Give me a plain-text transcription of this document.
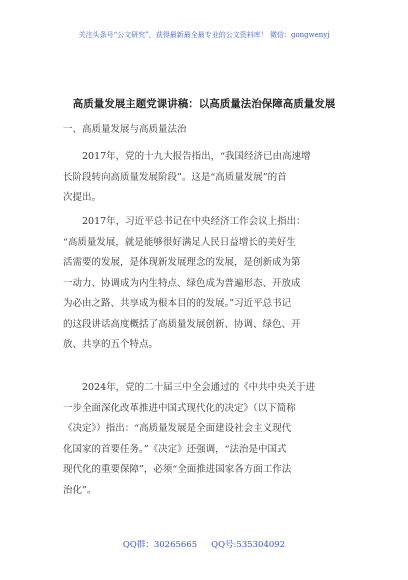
关注头条号“公文研究”，获得最新最全最专业的公文资料库！ 微信：gongwenyj
高质量发展主题党课讲稿：以高质量法治保障高质量发展
一、高质量发展与高质量法治
　　2017年，党的十九大报告指出，“我国经济已由高速增
长阶段转向高质量发展阶段”。这是“高质量发展”的首
次提出。
　　2017年，习近平总书记在中央经济工作会议上指出：
“高质量发展，就是能够很好满足人民日益增长的美好生
活需要的发展，是体现新发展理念的发展，是创新成为第
一动力、协调成为内生特点、绿色成为普遍形态、开放成
为必由之路、共享成为根本目的的发展。”习近平总书记
的这段讲话高度概括了高质量发展创新、协调、绿色、开
放、共享的五个特点。
　　2024年，党的二十届三中全会通过的《中共中央关于进
一步全面深化改革推进中国式现代化的决定》（以下简称
《决定》）指出：“高质量发展是全面建设社会主义现代
化国家的首要任务。”《决定》还强调，“法治是中国式
现代化的重要保障”，必须“全面推进国家各方面工作法
治化”。
QQ群：30265665 QQ号:535304092
